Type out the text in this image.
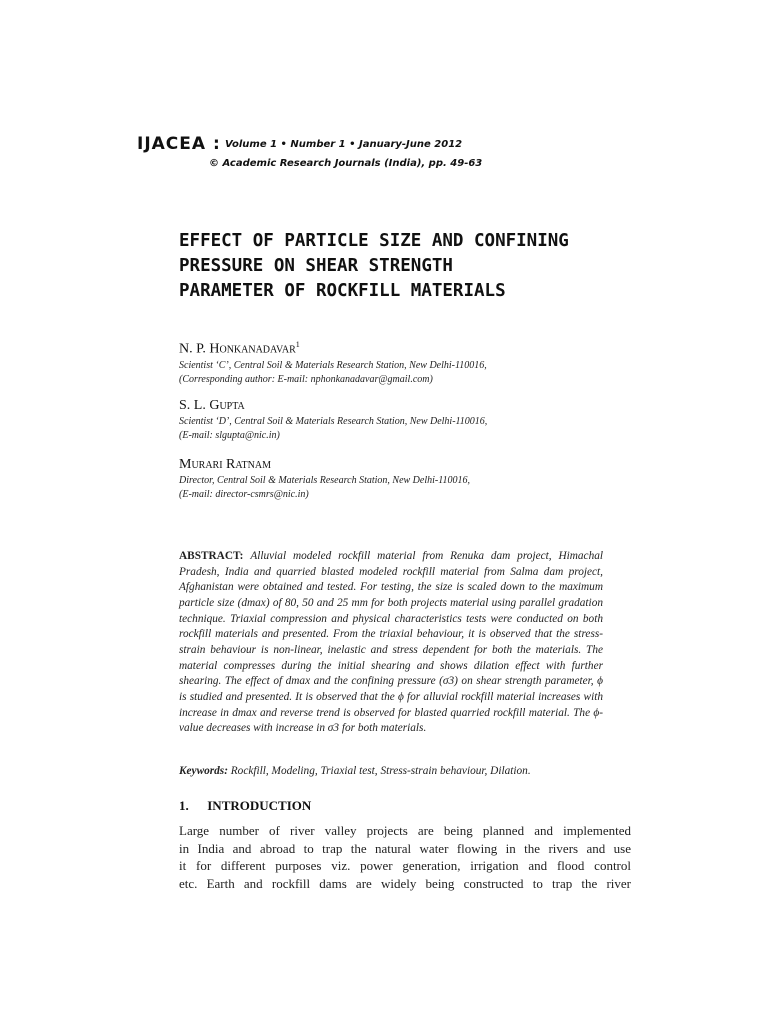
IJACEA : Volume 1 • Number 1 • January-June 2012
© Academic Research Journals (India), pp. 49-63
EFFECT OF PARTICLE SIZE AND CONFINING
PRESSURE ON SHEAR STRENGTH
PARAMETER OF ROCKFILL MATERIALS
N. P. Honkanadavar$^1$
Scientist ‘C’, Central Soil & Materials Research Station, New Delhi-110016,
(Corresponding author: E-mail: nphonkanadavar@gmail.com)
S. L. Gupta
Scientist ‘D’, Central Soil & Materials Research Station, New Delhi-110016,
(E-mail: slgupta@nic.in)
Murari Ratnam
Director, Central Soil & Materials Research Station, New Delhi-110016,
(E-mail: director-csmrs@nic.in)
ABSTRACT: Alluvial modeled rockfill material from Renuka dam project, Himachal Pradesh, India and quarried blasted modeled rockfill material from Salma dam project, Afghanistan were obtained and tested. For testing, the size is scaled down to the maximum particle size (dmax) of 80, 50 and 25 mm for both projects material using parallel gradation technique. Triaxial compression and physical characteristics tests were conducted on both rockfill materials and presented. From the triaxial behaviour, it is observed that the stress-strain behaviour is non-linear, inelastic and stress dependent for both the materials. The material compresses during the initial shearing and shows dilation effect with further shearing. The effect of dmax and the confining pressure (σ3) on shear strength parameter, ϕ is studied and presented. It is observed that the ϕ for alluvial rockfill material increases with increase in dmax and reverse trend is observed for blasted quarried rockfill material. The ϕ-value decreases with increase in σ3 for both materials.
Keywords: Rockfill, Modeling, Triaxial test, Stress-strain behaviour, Dilation.
1. INTRODUCTION
Large number of river valley projects are being planned and implemented
in India and abroad to trap the natural water flowing in the rivers and use
it for different purposes viz. power generation, irrigation and flood control
etc. Earth and rockfill dams are widely being constructed to trap the river
